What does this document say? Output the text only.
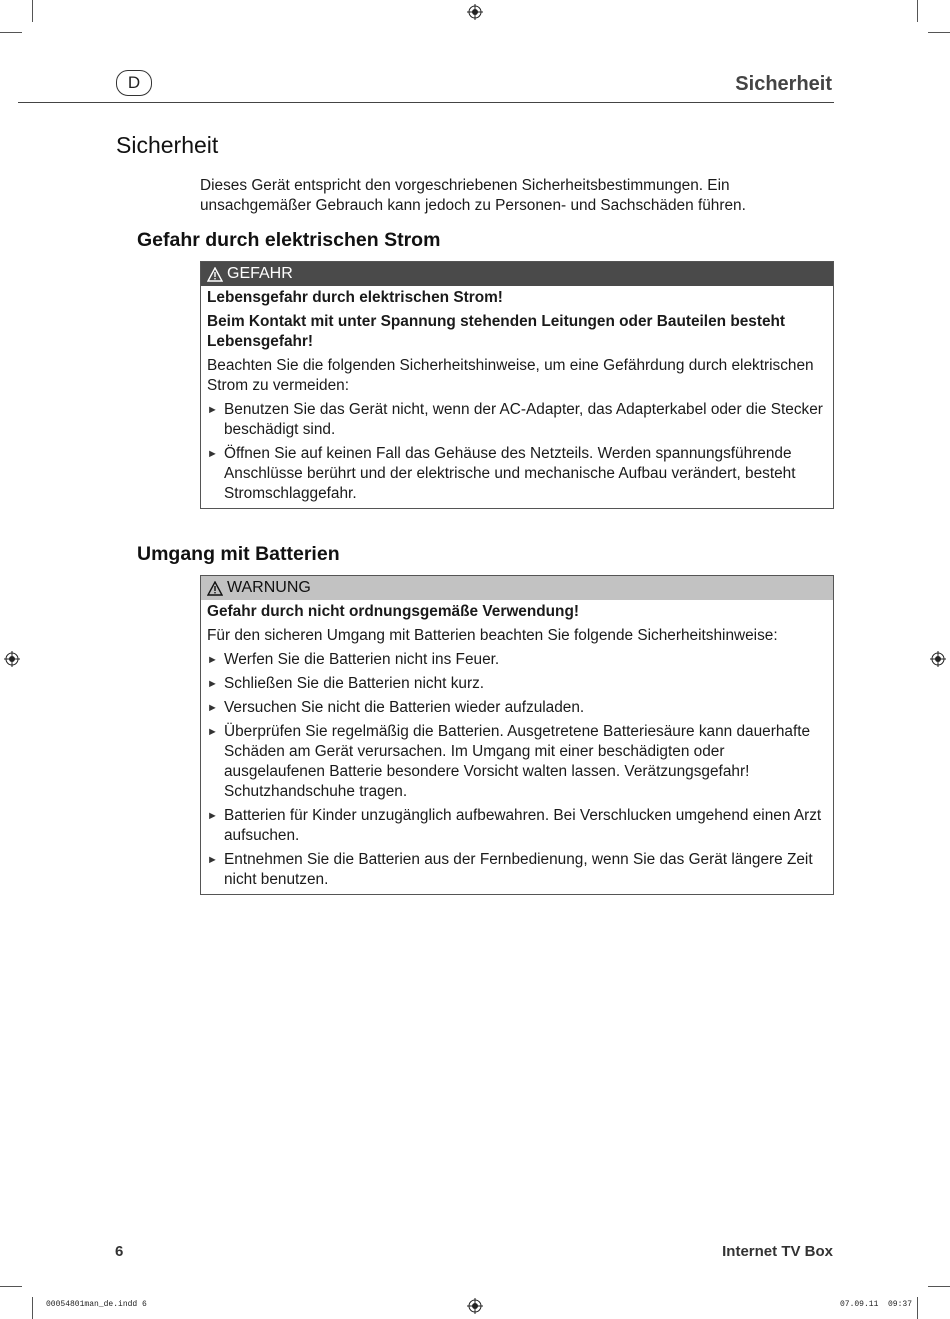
D	Sicherheit
Sicherheit

Dieses Gerät entspricht den vorgeschriebenen Sicherheitsbestimmungen. Ein unsachgemäßer Gebrauch kann jedoch zu Personen- und Sachschäden führen.

Gefahr durch elektrischen Strom
GEFAHR

Lebensgefahr durch elektrischen Strom!

Beim Kontakt mit unter Spannung stehenden Leitungen oder Bauteilen besteht Lebensgefahr!

Beachten Sie die folgenden Sicherheitshinweise, um eine Gefährdung durch elektrischen Strom zu vermeiden:

► Benutzen Sie das Gerät nicht, wenn der AC-Adapter, das Adapterkabel oder die Stecker beschädigt sind.
► Öffnen Sie auf keinen Fall das Gehäuse des Netzteils. Werden spannungsführende Anschlüsse berührt und der elektrische und mechanische Aufbau verändert, besteht Stromschlaggefahr.
Umgang mit Batterien
WARNUNG

Gefahr durch nicht ordnungsgemäße Verwendung!

Für den sicheren Umgang mit Batterien beachten Sie folgende Sicherheitshinweise:

► Werfen Sie die Batterien nicht ins Feuer.
► Schließen Sie die Batterien nicht kurz.
► Versuchen Sie nicht die Batterien wieder aufzuladen.
► Überprüfen Sie regelmäßig die Batterien. Ausgetretene Batteriesäure kann dauerhafte Schäden am Gerät verursachen. Im Umgang mit einer beschädigten oder ausgelaufenen Batterie besondere Vorsicht walten lassen. Verätzungsgefahr! Schutzhandschuhe tragen.
► Batterien für Kinder unzugänglich aufbewahren. Bei Verschlucken umgehend einen Arzt aufsuchen.
► Entnehmen Sie die Batterien aus der Fernbedienung, wenn Sie das Gerät längere Zeit nicht benutzen.
6	Internet TV Box
00054801man_de.indd 6	07.09.11 09:37
